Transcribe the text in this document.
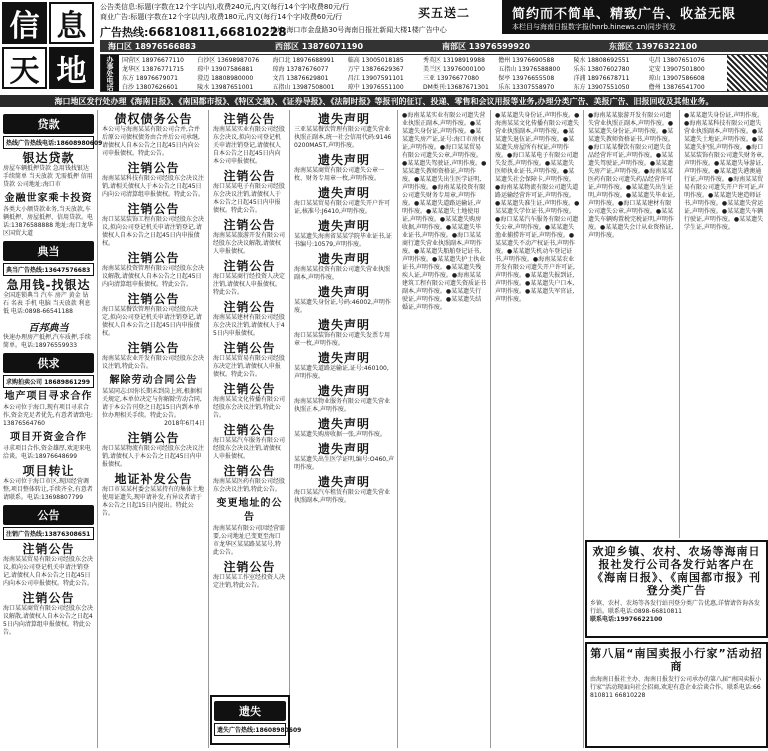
信 息
天 地
公告类信息:标题(字数在12个字以内),收费240元,内文(每行14个字)收费80元/行
商业广告:标题(字数在12个字以内),收费180元,内文(每行14个字)收费60元/行
广告热线:66810811,66810228
地址:海口市金盘路30号海南日报社新闻大楼1楼广告中心
买五送二	简约而不简单、精致广告、收益无限
本栏目与海南日报数字报(hnrb.hinews.cn)同步刊发
海口区 18976566883	西部区 13876071190	南部区 13976599920	东部区 13976322100
办事处电话	国营区 18976677110	白沙区 13698987076	海口北 18976688991	临高 13005018185	秀英区 13198919988	儋州 13976690588	陵水 18808692551	屯昌 13807651076
龙华区 13876771715	琼中 13907586881	琼海 13787676077	万宁 13876629367	美兰区 13976000100	五指山 13976588800	乐东 13807602780	定安 13907501800
东方 18976679071	澄迈 18808980000	文昌 13876629801	昌江 13907591101	三亚 13976677080	保亭 13976655508	洋浦 18976678711	琼山 13907586608
白沙 13807626601	陵水 13987651001	五指山 13987508001	琼中 13976551100	DM类刊:13687671301	乐东 13307558970	东方 13907551050	儋州 13876541700
海口地区发行处办理《海南日报》、《南国都市报》、《特区文摘》、《证券导报》、《法制时报》等报刊的征订、投递、零售和会议用报等业务,办理分类广告、美报广告、旧报回收及其他业务。
贷款
热线广告热线电话:18608980609
银达贷款
房屋车辆抵押贷款 急用钱找银达 手续简单 当天放款 无需抵押 信用贷款 公司地址:海口市
金融世家乘卡投资
各类大小额贷款业务,当天放款,车辆抵押、房屋抵押、信用贷款。电话:13876588888 地址:海口龙华区国贸大道
典当
典当广告热线:13647576683
急用钱-找银达
全国连锁典当 汽车 房产 黄金 钻石 名表 手机 电脑 当天放款 利息低 电话:0898-66541188
百邦典当
快速办理房产抵押,汽车质押,手续简单。电话:18976559933
供求
求购拍卖公司 18689861299
地产项目寻求合作
本公司位于海口,现有项目寻求合作,资金充足者优先,有意者请致电:13876564760
项目开资金合作
寻求项目合作,资金雄厚,欢迎来电洽谈。电话:18976648699
项目转让
本公司位于海口市区,现因经营调整,项目整体转让,手续齐全,有意者请联系。电话:13698807799
公告
注销广告热线:13876308651
注销公告
海南某某贸易有限公司经股东会决议,拟向公司登记机关申请注销登记,请债权人自本公告之日起45日内向本公司申报债权。特此公告。
注销公告
海口某某商贸有限公司经股东会决议解散,请债权人自本公告之日起45日内向清算组申报债权。特此公告。
债权债务公告
本公司与海南某某有限公司合并,合并后原公司债权债务由合并后公司承继,请债权人自本公告之日起45日内向公司申报债权。特此公告。
注销公告
海南某某科技有限公司经股东会决议注销,请相关债权人于本公告之日起45日内向公司清算组申报债权。特此公告。
注销公告
海口某某装饰工程有限公司经股东会决议,拟向公司登记机关申请注销登记,请债权人自本公告之日起45日内申报债权。
注销公告
海南某某投资管理有限公司经股东会决议解散,请债权人自本公告之日起45日内向清算组申报债权。特此公告。
注销公告
海口某某餐饮管理有限公司经股东决定,拟向公司登记机关申请注销登记,请债权人自本公告之日起45日内申报债权。
注销公告
海南某某农业开发有限公司经股东会决议注销,特此公告。
解除劳动合同公告
某某同志:因你长期未到岗上班,根据相关规定,本单位决定与你解除劳动合同,请于本公告刊登之日起15日内到本单位办理相关手续。特此公告。
2018年6月4日
注销公告
海口某某物流有限公司经股东会决议注销,请债权人于本公告之日起45日内申报债权。
地证补发公告
海口市某某村委会某某持有的集体土地使用证遗失,现申请补发,有异议者请于本公告之日起15日内提出。特此公告。
注销公告
海南某某实业有限公司经股东会决议,拟向公司登记机关申请注销登记,请债权人自本公告之日起45日内向本公司申报债权。
注销公告
海口某某电子有限公司经股东会决议注销,请债权人于本公告之日起45日内申报债权。特此公告。
注销公告
海南某某旅游开发有限公司经股东会决议解散,请债权人申报债权。
注销公告
海口某某商行经投资人决定注销,请债权人申报债权。特此公告。
注销公告
海南某某建材有限公司经股东会决议注销,请债权人于45日内申报债权。
注销公告
海口某某贸易有限公司经股东决定注销,请债权人申报债权。特此公告。
注销公告
海南某某文化传播有限公司经股东会决议注销,特此公告。
注销公告
海口某某汽车服务有限公司经股东会决议注销,请债权人申报债权。
注销公告
海南某某医药有限公司经股东会决议注销,特此公告。
变更地址的公告
海南某某有限公司因经营需要,公司地址已变更至海口市龙华区某某路某某号,特此公告。
注销公告
海口某某工作室经投资人决定注销,特此公告。
遗失
遗失广告热线:18608980609
遗失声明
三亚某某餐饮管理有限公司遗失营业执照正副本,统一社会信用代码:91460200MA5T,声明作废。
遗失声明
海南某某商贸有限公司遗失公章一枚、财务专用章一枚,声明作废。
遗失声明
海口某某贸易有限公司遗失开户许可证,核准号:J6410,声明作废。
遗失声明
某某遗失海南省某某学院毕业证书,证书编号:10579,声明作废。
遗失声明
海南某某投资有限公司遗失营业执照副本,声明作废。
遗失声明
某某遗失身份证,号码:46002,声明作废。
遗失声明
海口某某装饰有限公司遗失发票专用章一枚,声明作废。
遗失声明
某某遗失道路运输证,证号:460100,声明作废。
遗失声明
海南某某物业服务有限公司遗失营业执照正本,声明作废。
遗失声明
某某遗失购房收据一张,声明作废。
遗失声明
某某遗失出生医学证明,编号:O460,声明作废。
遗失声明
海口某某汽车租赁有限公司遗失营业执照副本,声明作废。
●海南某某实业有限公司遗失营业执照正副本,声明作废。●某某遗失身份证,声明作废。●某某遗失房产证,证号:海口市房权证,声明作废。●海口某某贸易有限公司遗失公章,声明作废。●某某遗失驾驶证,声明作废。●某某遗失教师资格证,声明作废。●某某遗失出生医学证明,声明作废。●海南某某投资有限公司遗失财务专用章,声明作废。●某某遗失道路运输证,声明作废。●某某遗失土地使用证,声明作废。●某某遗失购房收据,声明作废。●某某遗失毕业证书,声明作废。●海口某某商行遗失营业执照副本,声明作废。●某某遗失船舶登记证书,声明作废。●某某遗失护士执业证书,声明作废。●某某遗失残疾人证,声明作废。●海南某某建筑工程有限公司遗失资质证书副本,声明作废。●某某遗失行驶证,声明作废。●某某遗失结婚证,声明作废。
●某某遗失身份证,声明作废。●海南某某文化传播有限公司遗失营业执照副本,声明作废。●某某遗失退伍证,声明作废。●某某遗失房屋所有权证,声明作废。●海口某某电子有限公司遗失发票,声明作废。●某某遗失医师执业证书,声明作废。●某某遗失社会保障卡,声明作废。●海南某某物流有限公司遗失道路运输经营许可证,声明作废。●某某遗失准生证,声明作废。●某某遗失学位证书,声明作废。●海口某某汽车服务有限公司遗失公章,声明作废。●某某遗失渔业捕捞许可证,声明作废。●某某遗失不动产权证书,声明作废。●某某遗失机动车登记证书,声明作废。●海南某某农业开发有限公司遗失开户许可证,声明作废。●某某遗失报到证,声明作废。●某某遗失户口本,声明作废。●某某遗失军官证,声明作废。
●海南某某旅游开发有限公司遗失营业执照正副本,声明作废。●某某遗失身份证,声明作废。●某某遗失教师资格证书,声明作废。●海口某某餐饮有限公司遗失食品经营许可证,声明作废。●某某遗失驾驶证,声明作废。●某某遗失房产证,声明作废。●海南某某医药有限公司遗失药品经营许可证,声明作废。●某某遗失出生证明,声明作废。●某某遗失毕业证,声明作废。●海口某某建材有限公司遗失公章,声明作废。●某某遗失车辆购置税完税证明,声明作废。●某某遗失会计从业资格证,声明作废。
●某某遗失身份证,声明作废。●海南某某科技有限公司遗失营业执照副本,声明作废。●某某遗失土地证,声明作废。●某某遗失护照,声明作废。●海口某某装饰有限公司遗失财务章,声明作废。●某某遗失导游证,声明作废。●某某遗失港澳通行证,声明作废。●海南某某贸易有限公司遗失开户许可证,声明作废。●某某遗失建造师证书,声明作废。●某某遗失营运证,声明作废。●某某遗失车辆行驶证,声明作废。●某某遗失学生证,声明作废。
欢迎乡镇、农村、农场等海南日报社发行公司各发行站客户在《海南日报》、《南国都市报》刊登分类广告
乡镇、农村、农场等各发行站刊登分类广告优惠,详情请咨询各发行站。联系电话:0898-66810811
联系电话:19976622100
第八届“南国卖报小行家”活动招商
由海南日报社主办、海南日报发行公司承办的第八届“南国卖报小行家”活动现面向社会招商,欢迎有意企业洽谈合作。联系电话:66810811 66810228
